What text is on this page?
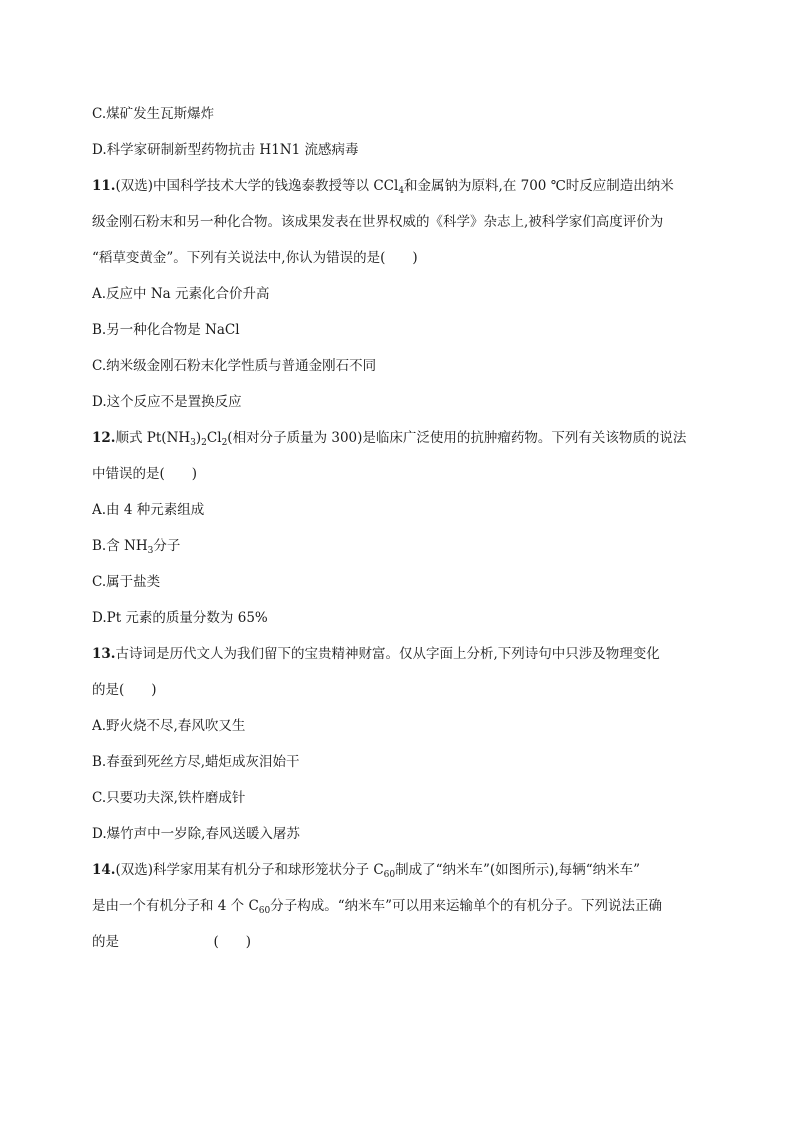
C.煤矿发生瓦斯爆炸
D.科学家研制新型药物抗击 H1N1 流感病毒
11.(双选)中国科学技术大学的钱逸泰教授等以 CCl$_4$和金属钠为原料,在 700 ℃时反应制造出纳米
级金刚石粉末和另一种化合物。该成果发表在世界权威的《科学》杂志上,被科学家们高度评价为
“稻草变黄金”。下列有关说法中,你认为错误的是(　　)
A.反应中 Na 元素化合价升高
B.另一种化合物是 NaCl
C.纳米级金刚石粉末化学性质与普通金刚石不同
D.这个反应不是置换反应
12.顺式 $Pt(NH_3)_2Cl_2$(相对分子质量为 300)是临床广泛使用的抗肿瘤药物。下列有关该物质的说法
中错误的是(　　)
A.由 4 种元素组成
B.含 $NH_3$分子
C.属于盐类
D.Pt 元素的质量分数为 65%
13.古诗词是历代文人为我们留下的宝贵精神财富。仅从字面上分析,下列诗句中只涉及物理变化
的是(　　)
A.野火烧不尽,春风吹又生
B.春蚕到死丝方尽,蜡炬成灰泪始干
C.只要功夫深,铁杵磨成针
D.爆竹声中一岁除,春风送暖入屠苏
14.(双选)科学家用某有机分子和球形笼状分子 $C_{60}$制成了“纳米车”(如图所示),每辆“纳米车”
是由一个有机分子和 4 个 $C_{60}$分子构成。“纳米车”可以用来运输单个的有机分子。下列说法正确
的是　　　　　　　(　　)
